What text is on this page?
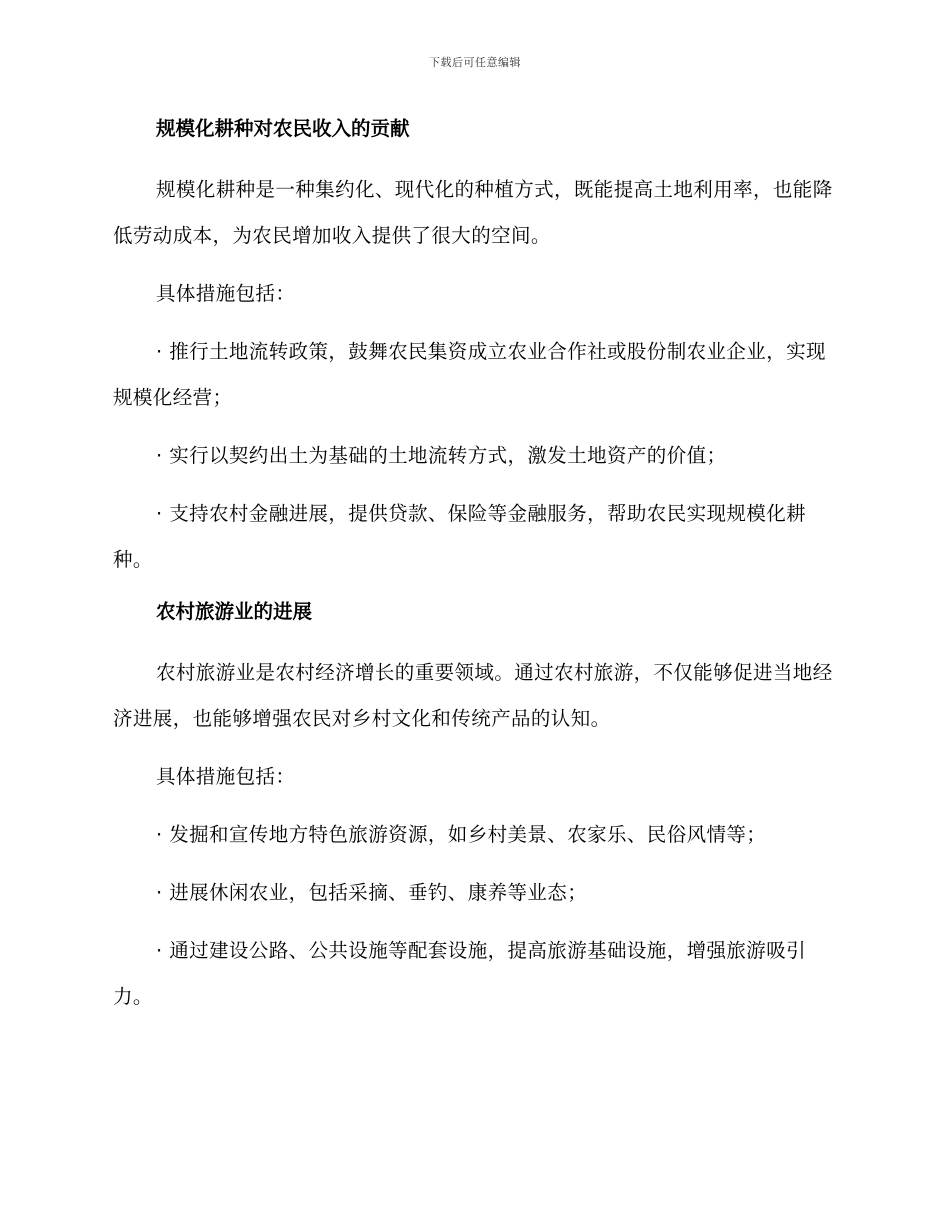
下载后可任意编辑

规模化耕种对农民收入的贡献

规模化耕种是一种集约化、现代化的种植方式，既能提高土地利用率，也能降低劳动成本，为农民增加收入提供了很大的空间。

具体措施包括：

· 推行土地流转政策，鼓舞农民集资成立农业合作社或股份制农业企业，实现规模化经营；

· 实行以契约出土为基础的土地流转方式，激发土地资产的价值；

· 支持农村金融进展，提供贷款、保险等金融服务，帮助农民实现规模化耕种。

农村旅游业的进展

农村旅游业是农村经济增长的重要领域。通过农村旅游，不仅能够促进当地经济进展，也能够增强农民对乡村文化和传统产品的认知。

具体措施包括：

· 发掘和宣传地方特色旅游资源，如乡村美景、农家乐、民俗风情等；

· 进展休闲农业，包括采摘、垂钓、康养等业态；

· 通过建设公路、公共设施等配套设施，提高旅游基础设施，增强旅游吸引力。
